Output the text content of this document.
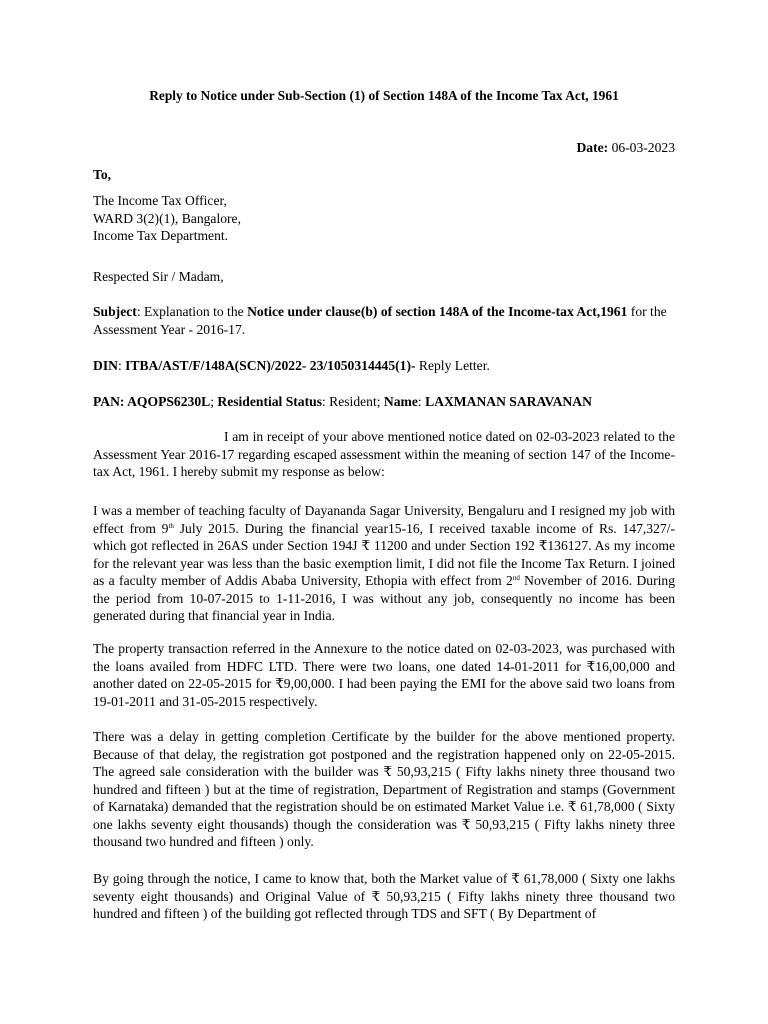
Reply to Notice under Sub-Section (1) of Section 148A of the Income Tax Act, 1961
Date: 06-03-2023
To,
The Income Tax Officer,
WARD 3(2)(1), Bangalore,
Income Tax Department.
Respected Sir / Madam,
Subject: Explanation to the Notice under clause(b) of section 148A of the Income-tax Act,1961 for the Assessment Year - 2016-17.
DIN: ITBA/AST/F/148A(SCN)/2022- 23/1050314445(1)- Reply Letter.
PAN: AQOPS6230L; Residential Status: Resident; Name: LAXMANAN SARAVANAN
I am in receipt of your above mentioned notice dated on 02-03-2023 related to the Assessment Year 2016-17 regarding escaped assessment within the meaning of section 147 of the Income-tax Act, 1961. I hereby submit my response as below:
I was a member of teaching faculty of Dayananda Sagar University, Bengaluru and I resigned my job with effect from 9th July 2015. During the financial year15-16, I received taxable income of Rs. 147,327/- which got reflected in 26AS under Section 194J ₹ 11200 and under Section 192 ₹136127. As my income for the relevant year was less than the basic exemption limit, I did not file the Income Tax Return. I joined as a faculty member of Addis Ababa University, Ethopia with effect from 2nd November of 2016. During the period from 10-07-2015 to 1-11-2016, I was without any job, consequently no income has been generated during that financial year in India.
The property transaction referred in the Annexure to the notice dated on 02-03-2023, was purchased with the loans availed from HDFC LTD. There were two loans, one dated 14-01-2011 for ₹16,00,000 and another dated on 22-05-2015 for ₹9,00,000. I had been paying the EMI for the above said two loans from 19-01-2011 and 31-05-2015 respectively.
There was a delay in getting completion Certificate by the builder for the above mentioned property. Because of that delay, the registration got postponed and the registration happened only on 22-05-2015. The agreed sale consideration with the builder was ₹ 50,93,215 ( Fifty lakhs ninety three thousand two hundred and fifteen ) but at the time of registration, Department of Registration and stamps (Government of Karnataka) demanded that the registration should be on estimated Market Value i.e. ₹ 61,78,000 ( Sixty one lakhs seventy eight thousands) though the consideration was ₹ 50,93,215 ( Fifty lakhs ninety three thousand two hundred and fifteen ) only.
By going through the notice, I came to know that, both the Market value of ₹ 61,78,000 ( Sixty one lakhs seventy eight thousands) and Original Value of ₹ 50,93,215 ( Fifty lakhs ninety three thousand two hundred and fifteen ) of the building got reflected through TDS and SFT ( By Department of
